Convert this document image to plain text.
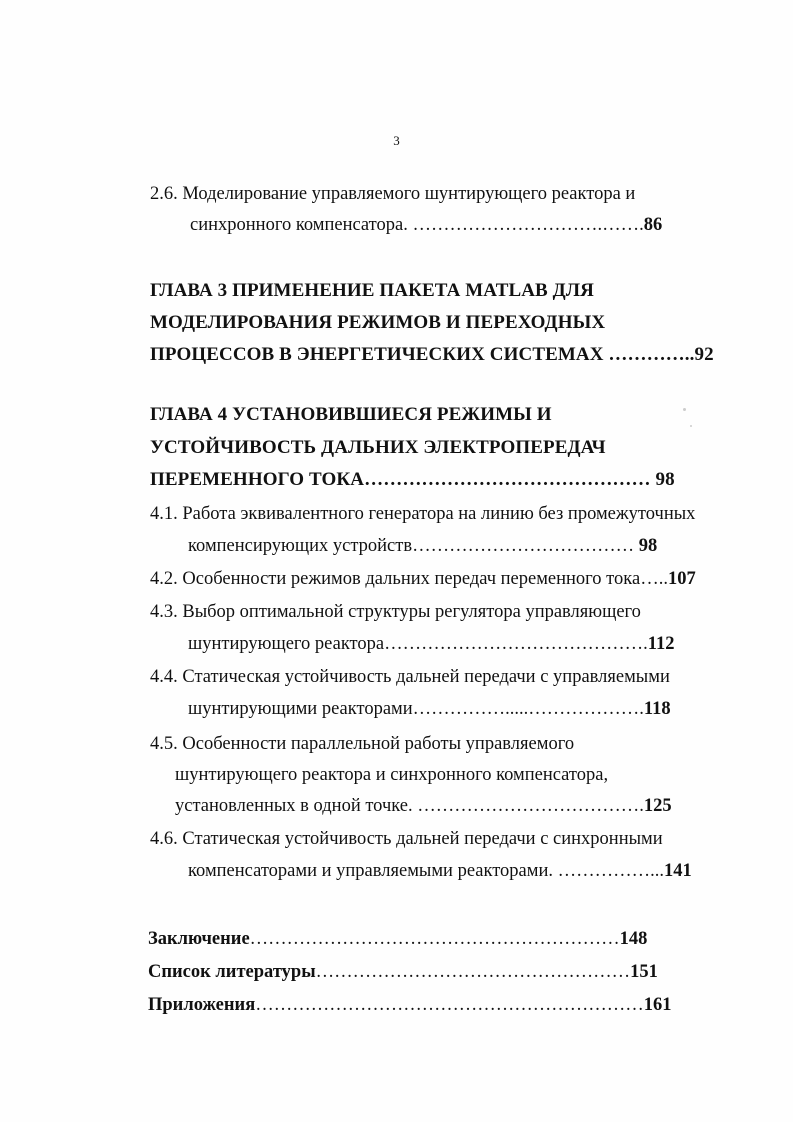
3
2.6. Моделирование управляемого шунтирующего реактора и
синхронного компенсатора. ………………………….…….86
ГЛАВА 3 ПРИМЕНЕНИЕ ПАКЕТА MATLAB ДЛЯ
МОДЕЛИРОВАНИЯ РЕЖИМОВ И ПЕРЕХОДНЫХ
ПРОЦЕССОВ В ЭНЕРГЕТИЧЕСКИХ СИСТЕМАХ …………..92
ГЛАВА 4 УСТАНОВИВШИЕСЯ РЕЖИМЫ И
УСТОЙЧИВОСТЬ ДАЛЬНИХ ЭЛЕКТРОПЕРЕДАЧ
ПЕРЕМЕННОГО ТОКА……………………………………… 98
4.1. Работа эквивалентного генератора на линию без промежуточных
компенсирующих устройств……………………………… 98
4.2. Особенности режимов дальних передач переменного тока…..107
4.3. Выбор оптимальной структуры регулятора управляющего
шунтирующего реактора…………………………………….112
4.4. Статическая устойчивость дальней передачи с управляемыми
шунтирующими реакторами…………….....……………….118
4.5. Особенности параллельной работы управляемого
шунтирующего реактора и синхронного компенсатора,
установленных в одной точке. ……………………………….125
4.6. Статическая устойчивость дальней передачи с синхронными
компенсаторами и управляемыми реакторами. ……………...141
Заключение……………………………………………………148
Список литературы……………………………………………151
Приложения………………………………………………………161
